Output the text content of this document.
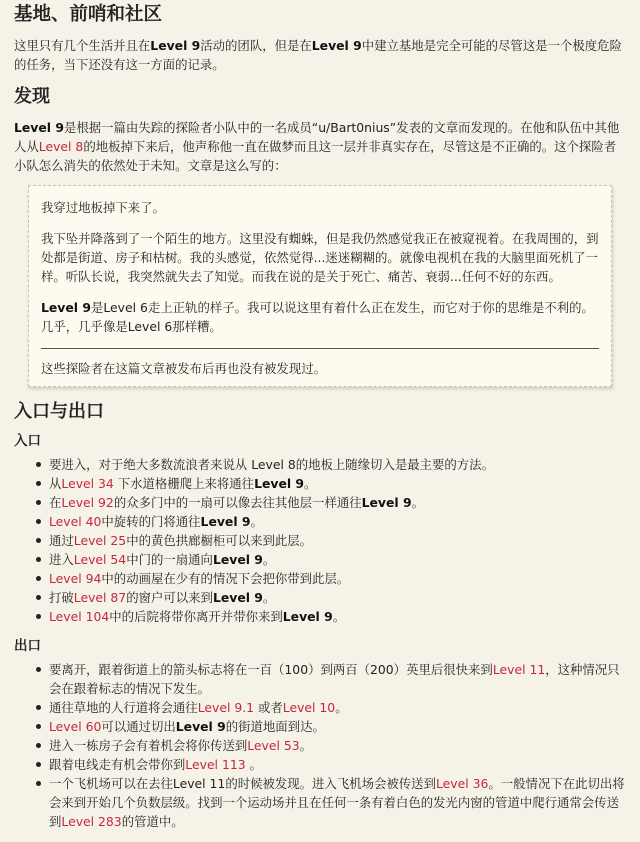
基地、前哨和社区

这里只有几个生活并且在Level 9活动的团队，但是在Level 9中建立基地是完全可能的尽管这是一个极度危险的任务，当下还没有这一方面的记录。

发现

Level 9是根据一篇由失踪的探险者小队中的一名成员“u/Bart0nius”发表的文章而发现的。在他和队伍中其他人从Level 8的地板掉下来后，他声称他一直在做梦而且这一层并非真实存在，尽管这是不正确的。这个探险者小队怎么消失的依然处于未知。文章是这么写的：

我穿过地板掉下来了。

我下坠并降落到了一个陌生的地方。这里没有蜘蛛，但是我仍然感觉我正在被窥视着。在我周围的，到处都是街道、房子和枯树。我的头感觉，依然觉得...迷迷糊糊的。就像电视机在我的大脑里面死机了一样。听队长说，我突然就失去了知觉。而我在说的是关于死亡、痛苦、衰弱...任何不好的东西。

Level 9是Level 6走上正轨的样子。我可以说这里有着什么正在发生，而它对于你的思维是不利的。几乎，几乎像是Level 6那样糟。

这些探险者在这篇文章被发布后再也没有被发现过。

入口与出口
入口
要进入，对于绝大多数流浪者来说从 Level 8的地板上随缘切入是最主要的方法。
从Level 34 下水道格栅爬上来将通往Level 9。
在Level 92的众多门中的一扇可以像去往其他层一样通往Level 9。
Level 40中旋转的门将通往Level 9。
通过Level 25中的黄色拱廊橱柜可以来到此层。
进入Level 54中门的一扇通向Level 9。
Level 94中的动画屋在少有的情况下会把你带到此层。
打破Level 87的窗户可以来到Level 9。
Level 104中的后院将带你离开并带你来到Level 9。
出口
要离开，跟着街道上的箭头标志将在一百（100）到两百（200）英里后很快来到Level 11，这种情况只会在跟着标志的情况下发生。
通往草地的人行道将会通往Level 9.1 或者Level 10。
Level 60可以通过切出Level 9的街道地面到达。
进入一栋房子会有着机会将你传送到Level 53。
跟着电线走有机会带你到Level 113 。
一个飞机场可以在去往Level 11的时候被发现。进入飞机场会被传送到Level 36。一般情况下在此切出将会来到开始几个负数层级。找到一个运动场并且在任何一条有着白色的发光内窗的管道中爬行通常会传送到Level 283的管道中。
